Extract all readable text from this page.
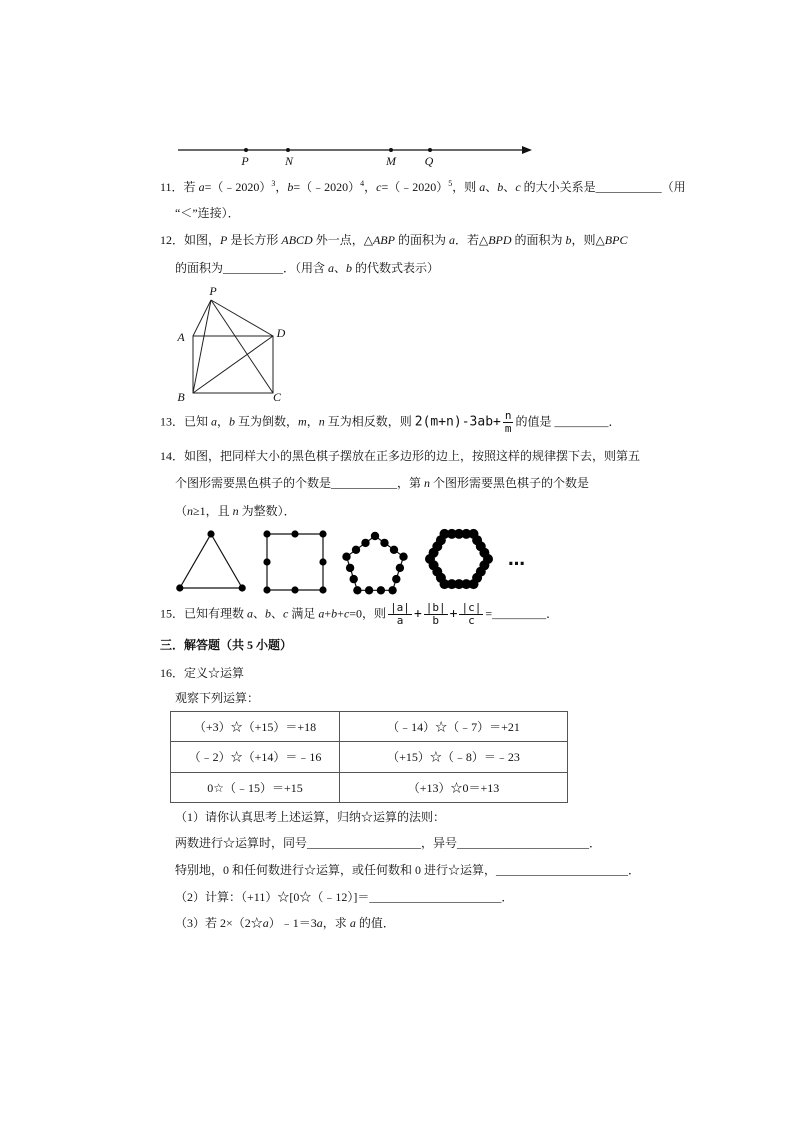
P	N	M Q
11．若 a=（﹣2020）$^3$，b=（﹣2020）$^4$，c=（﹣2020）$^5$，则 a、b、c 的大小关系是___________（用
“＜”连接）．
12．如图，P 是长方形 ABCD 外一点，△ABP 的面积为 a．若△BPD 的面积为 b，则△BPC
的面积为__________．（用含 a、b 的代数式表示）
P
A	D
B	C
13．已知 a，b 互为倒数，m，n 互为相反数，则 $2(m+n)-3ab+ \frac{n}{m}$ 的值是 _________．
14．如图，把同样大小的黑色棋子摆放在正多边形的边上，按照这样的规律摆下去，则第五
个图形需要黑色棋子的个数是___________，第 n 个图形需要黑色棋子的个数是
（n≥1，且 n 为整数）．
…
15．已知有理数 a、b、c 满足 a+b+c=0，则 $\frac{|a|}{a} + \frac{|b|}{b} + \frac{|c|}{c}$ =_________．
三．解答题（共 5 小题）
16．定义☆运算
观察下列运算：
（+3）☆（+15）＝+18	（﹣14）☆（﹣7）＝+21
（﹣2）☆（+14）＝﹣16	（+15）☆（﹣8）＝﹣23
0☆（﹣15）＝+15	（+13）☆0＝+13
（1）请你认真思考上述运算，归纳☆运算的法则：
两数进行☆运算时，同号___________________，异号______________________．
特别地，0 和任何数进行☆运算，或任何数和 0 进行☆运算，______________________．
（2）计算：（+11）☆[0☆（﹣12）]＝______________________．
（3）若 2×（2☆a）﹣1＝3a，求 a 的值．
